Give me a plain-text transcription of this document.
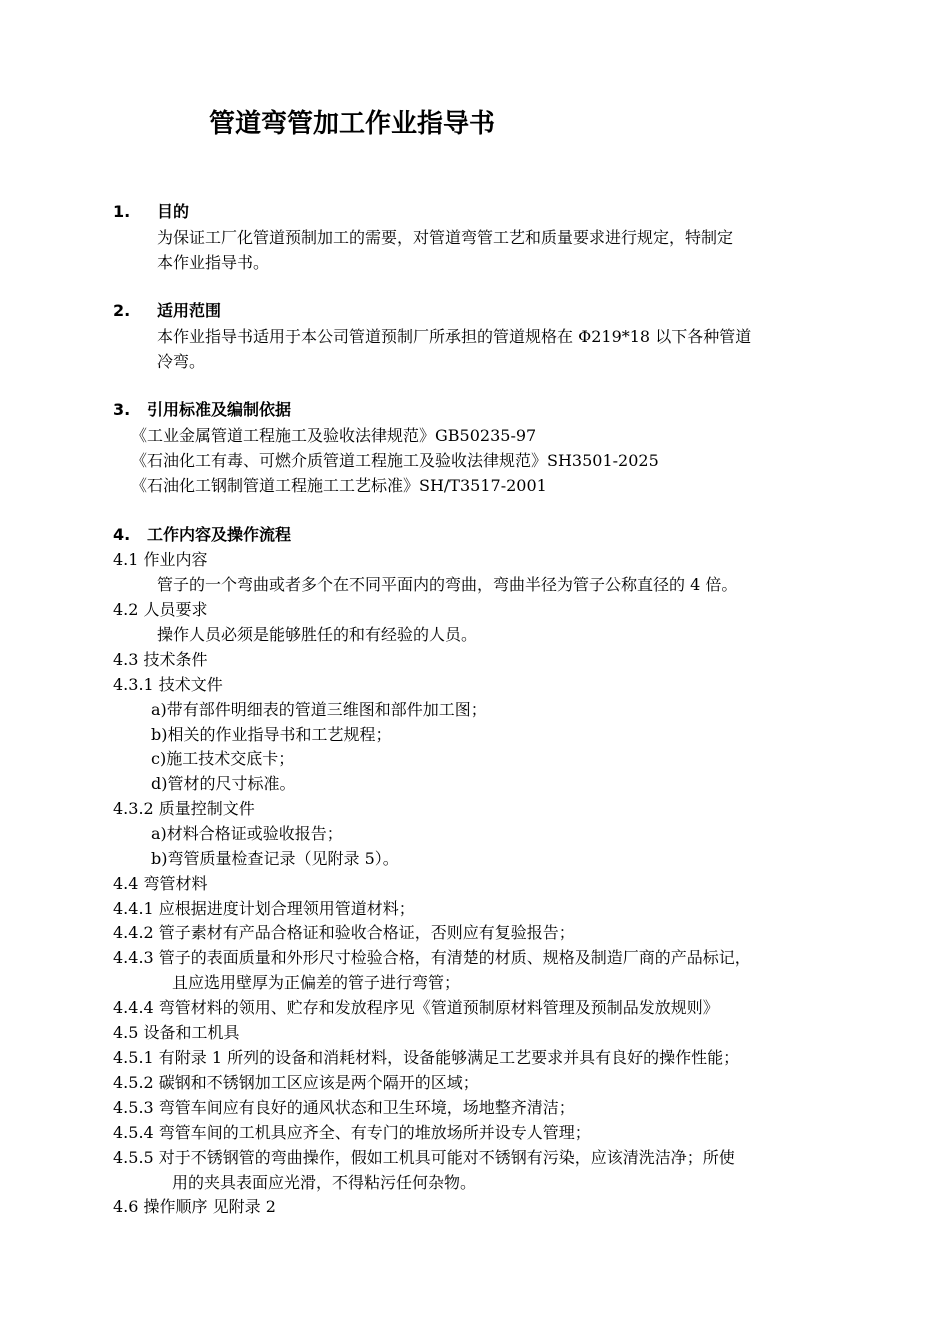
管道弯管加工作业指导书
1. 目的
为保证工厂化管道预制加工的需要，对管道弯管工艺和质量要求进行规定，特制定
本作业指导书。
2. 适用范围
本作业指导书适用于本公司管道预制厂所承担的管道规格在 Φ219*18 以下各种管道
冷弯。
3. 引用标准及编制依据
《工业金属管道工程施工及验收法律规范》GB50235-97
《石油化工有毒、可燃介质管道工程施工及验收法律规范》SH3501-2025
《石油化工钢制管道工程施工工艺标准》SH/T3517-2001
4. 工作内容及操作流程
4.1 作业内容
管子的一个弯曲或者多个在不同平面内的弯曲，弯曲半径为管子公称直径的 4 倍。
4.2 人员要求
操作人员必须是能够胜任的和有经验的人员。
4.3 技术条件
4.3.1 技术文件
a)带有部件明细表的管道三维图和部件加工图；
b)相关的作业指导书和工艺规程；
c)施工技术交底卡；
d)管材的尺寸标准。
4.3.2 质量控制文件
a)材料合格证或验收报告；
b)弯管质量检查记录（见附录 5）。
4.4 弯管材料
4.4.1 应根据进度计划合理领用管道材料；
4.4.2 管子素材有产品合格证和验收合格证，否则应有复验报告；
4.4.3 管子的表面质量和外形尺寸检验合格，有清楚的材质、规格及制造厂商的产品标记，
且应选用壁厚为正偏差的管子进行弯管；
4.4.4 弯管材料的领用、贮存和发放程序见《管道预制原材料管理及预制品发放规则》
4.5 设备和工机具
4.5.1 有附录 1 所列的设备和消耗材料，设备能够满足工艺要求并具有良好的操作性能；
4.5.2 碳钢和不锈钢加工区应该是两个隔开的区域；
4.5.3 弯管车间应有良好的通风状态和卫生环境，场地整齐清洁；
4.5.4 弯管车间的工机具应齐全、有专门的堆放场所并设专人管理；
4.5.5 对于不锈钢管的弯曲操作，假如工机具可能对不锈钢有污染，应该清洗洁净；所使
用的夹具表面应光滑，不得粘污任何杂物。
4.6 操作顺序 见附录 2
